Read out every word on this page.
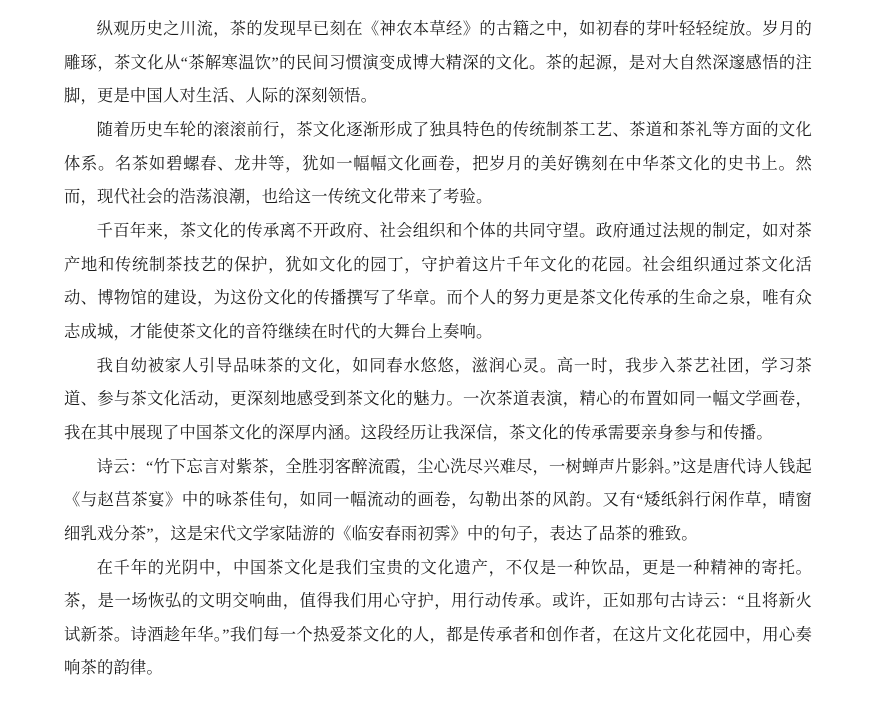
纵观历史之川流，茶的发现早已刻在《神农本草经》的古籍之中，如初春的芽叶轻轻绽放。岁月的雕琢，茶文化从“茶解寒温饮”的民间习惯演变成博大精深的文化。茶的起源，是对大自然深邃感悟的注脚，更是中国人对生活、人际的深刻领悟。

随着历史车轮的滚滚前行，茶文化逐渐形成了独具特色的传统制茶工艺、茶道和茶礼等方面的文化体系。名茶如碧螺春、龙井等，犹如一幅幅文化画卷，把岁月的美好镌刻在中华茶文化的史书上。然而，现代社会的浩荡浪潮，也给这一传统文化带来了考验。

千百年来，茶文化的传承离不开政府、社会组织和个体的共同守望。政府通过法规的制定，如对茶产地和传统制茶技艺的保护，犹如文化的园丁，守护着这片千年文化的花园。社会组织通过茶文化活动、博物馆的建设，为这份文化的传播撰写了华章。而个人的努力更是茶文化传承的生命之泉，唯有众志成城，才能使茶文化的音符继续在时代的大舞台上奏响。

我自幼被家人引导品味茶的文化，如同春水悠悠，滋润心灵。高一时，我步入茶艺社团，学习茶道、参与茶文化活动，更深刻地感受到茶文化的魅力。一次茶道表演，精心的布置如同一幅文学画卷，我在其中展现了中国茶文化的深厚内涵。这段经历让我深信，茶文化的传承需要亲身参与和传播。

诗云：“竹下忘言对紫茶，全胜羽客醉流霞，尘心洗尽兴难尽，一树蝉声片影斜。”这是唐代诗人钱起《与赵莒茶宴》中的咏茶佳句，如同一幅流动的画卷，勾勒出茶的风韵。又有“矮纸斜行闲作草，晴窗细乳戏分茶”，这是宋代文学家陆游的《临安春雨初霁》中的句子，表达了品茶的雅致。

在千年的光阴中，中国茶文化是我们宝贵的文化遗产，不仅是一种饮品，更是一种精神的寄托。茶，是一场恢弘的文明交响曲，值得我们用心守护，用行动传承。或许，正如那句古诗云：“且将新火试新茶。诗酒趁年华。”我们每一个热爱茶文化的人，都是传承者和创作者，在这片文化花园中，用心奏响茶的韵律。
